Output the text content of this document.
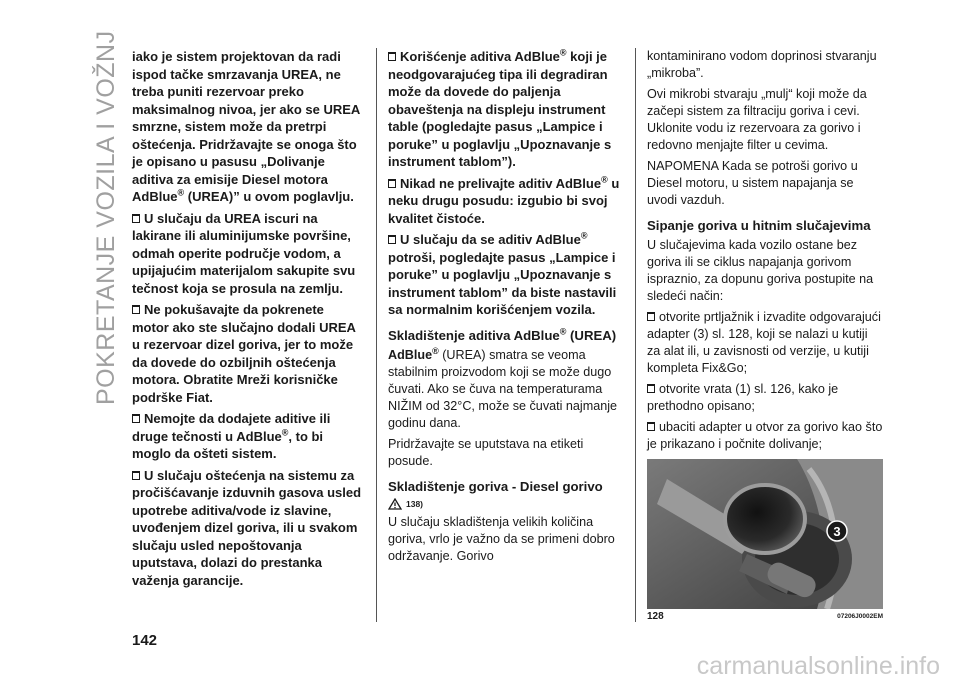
POKRETANJE VOZILA I VOŽNJA iako je sistem projektovan da radi ispod tačke smrzavanja UREA, ne treba puniti rezervoar preko maksimalnog nivoa, jer ako se UREA smrzne, sistem može da pretrpi oštećenja. Pridržavajte se onoga što je opisano u pasusu „Dolivanje aditiva za emisije Diesel motora AdBlue® (UREA)” u ovom poglavlju.

U slučaju da UREA iscuri na lakirane ili aluminijumske površine, odmah operite područje vodom, a upijajućim materijalom sakupite svu tečnost koja se prosula na zemlju.

Ne pokušavajte da pokrenete motor ako ste slučajno dodali UREA u rezervoar dizel goriva, jer to može da dovede do ozbiljnih oštećenja motora. Obratite Mreži korisničke podrške Fiat.

Nemojte da dodajete aditive ili druge tečnosti u AdBlue®, to bi moglo da ošteti sistem.

U slučaju oštećenja na sistemu za pročišćavanje izduvnih gasova usled upotrebe aditiva/vode iz slavine, uvođenjem dizel goriva, ili u svakom slučaju usled nepoštovanja uputstava, dolazi do prestanka važenja garancije.

Korišćenje aditiva AdBlue® koji je neodgovarajućeg tipa ili degradiran može da dovede do paljenja obaveštenja na displeju instrument table (pogledajte pasus „Lampice i poruke” u poglavlju „Upoznavanje s instrument tablom”).

Nikad ne prelivajte aditiv AdBlue® u neku drugu posudu: izgubio bi svoj kvalitet čistoće.

U slučaju da se aditiv AdBlue® potroši, pogledajte pasus „Lampice i poruke” u poglavlju „Upoznavanje s instrument tablom” da biste nastavili sa normalnim korišćenjem vozila.

Skladištenje aditiva AdBlue® (UREA)

AdBlue® (UREA) smatra se veoma stabilnim proizvodom koji se može dugo čuvati. Ako se čuva na temperaturama NIŽIM od 32°C, može se čuvati najmanje godinu dana.

Pridržavajte se uputstava na etiketi posude.

Skladištenje goriva - Diesel gorivo
138)

U slučaju skladištenja velikih količina goriva, vrlo je važno da se primeni dobro održavanje. Gorivo

kontaminirano vodom doprinosi stvaranju „mikroba”.

Ovi mikrobi stvaraju „mulj“ koji može da začepi sistem za filtraciju goriva i cevi. Uklonite vodu iz rezervoara za gorivo i redovno menjajte filter u cevima.

NAPOMENA Kada se potroši gorivo u Diesel motoru, u sistem napajanja se uvodi vazduh.

Sipanje goriva u hitnim slučajevima

U slučajevima kada vozilo ostane bez goriva ili se ciklus napajanja gorivom ispraznio, za dopunu goriva postupite na sledeći način:

otvorite prtljažnik i izvadite odgovarajući adapter (3) sl. 128, koji se nalazi u kutiji za alat ili, u zavisnosti od verzije, u kutiji kompleta Fix&Go;

otvorite vrata (1) sl. 126, kako je prethodno opisano;

ubaciti adapter u otvor za gorivo kao što je prikazano i počnite dolivanje;

3
128	07206J0002EM
142
carmanualsonline.info
